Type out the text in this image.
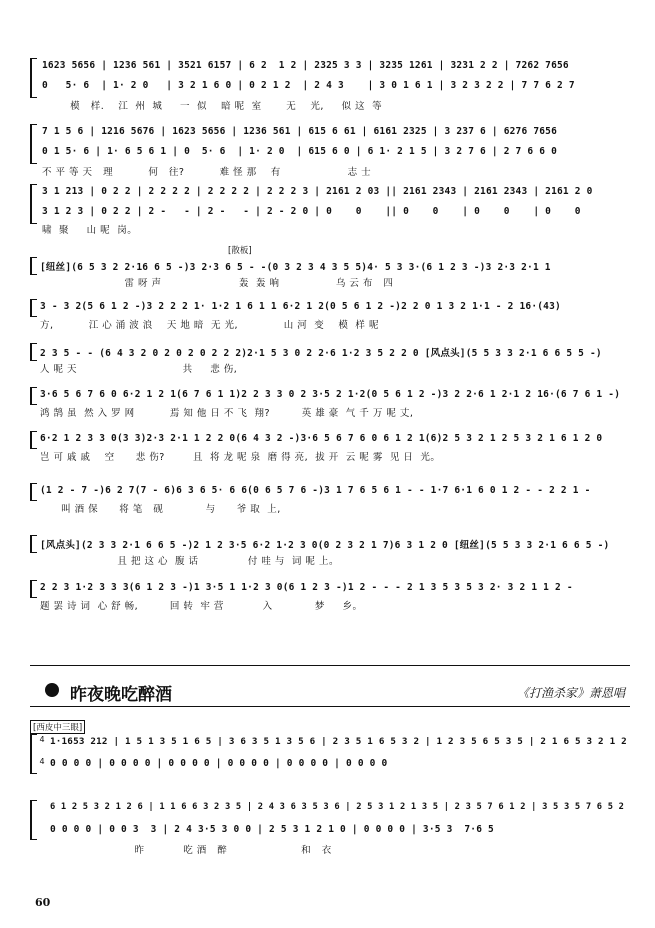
1623 5656 | 1236 561 | 3521 6157 | 6 2  1 2 | 2325 3 3 | 3235 1261 | 3231 2 2 | 7262 7656
0   5· 6  | 1· 2 0   | 3 2 1 6 0 | 0 2 1 2  | 2 4 3    | 3 0 1 6 1 | 3 2 3 2 2 | 7 7 6 2 7
模   样.    江  州  城     一  似    暗 呢  室       无    光,     似 这  等
7 1 5 6 | 1216 5676 | 1623 5656 | 1236 561 | 615 6 61 | 6161 2325 | 3 237 6 | 6276 7656
0 1 5· 6 | 1· 6 5 6 1 | 0  5· 6  | 1· 2 0  | 615 6 0 | 6 1· 2 1 5 | 3 2 7 6 | 2 7 6 6 0
不 平 等 天   理          何   往?          难 怪 那    有                   志 士
3 1 213 | 0 2 2 | 2 2 2 2 | 2 2 2 2 | 2 2 2 3 | 2161 2 03 || 2161 2343 | 2161 2343 | 2161 2 0
3 1 2 3 | 0 2 2 | 2 -   - | 2 -   - | 2 - 2 0 | 0    0    || 0    0    | 0    0    | 0    0
啸  聚     山 呢  岗。
[散板]
[纽丝](6 5 3 2 2·16 6 5 -)3 2·3 6 5 - -(0 3 2 3 4 3 5 5)4· 5 3 3·(6 1 2 3 -)3 2·3 2·1 1
雷 呀 声                      轰  轰 响                乌 云 布   四
3 - 3 2(5 6 1 2 -)3 2 2 2 1· 1·2 1 6 1 1 6·2 1 2(0 5 6 1 2 -)2 2 0 1 3 2 1·1 - 2 16·(43)
方,          江 心 涌 波 浪    天 地 暗  无 光,             山 河  变    模  样 呢
2 3 5 - - (6 4 3 2 0 2 0 2 0 2 2 2)2·1 5 3 0 2 2·6 1·2 3 5 2 2 0 [风点头](5 5 3 3 2·1 6 6 5 5 -)
人 呢 天                              共     悲 伤,
3·6 5 6 7 6 0 6·2 1 2 1(6 7 6 1 1)2 2 3 3 0 2 3·5 2 1·2(0 5 6 1 2 -)3 2 2·6 1 2·1 2 16·(6 7 6 1 -)
鸿 鹄 虽  然 入 罗 网          焉 知 他 日 不 飞  翔?         英 雄 豪  气 千 万 呢 丈,
6·2 1 2 3 3 0(3 3)2·3 2·1 1 2 2 0(6 4 3 2 -)3·6 5 6 7 6 0 6 1 2 1(6)2 5 3 2 1 2 5 3 2 1 6 1 2 0
岂 可 戚 戚    空      悲 伤?        且  将 龙 呢 泉  磨 得 亮,  拔 开  云 呢 雾  见 日  光。
(1 2 - 7 -)6 2 7(7 - 6)6 3 6 5· 6 6(0 6 5 7 6 -)3 1 7 6 5 6 1 - - 1·7 6·1 6 0 1 2 - - 2 2 1 -
叫 酒 保      将 笔   砚            与      爷 取  上,
[风点头](2 3 3 2·1 6 6 5 -)2 1 2 3·5 6·2 1·2 3 0(0 2 3 2 1 7)6 3 1 2 0 [纽丝](5 5 3 3 2·1 6 6 5 -)
且 把 这 心  腹 话              付 哇 与  词 呢 上。
2 2 3 1·2 3 3 3(6 1 2 3 -)1 3·5 1 1·2 3 0(6 1 2 3 -)1 2 - - - 2 1 3 5 3 5 3 2· 3 2 1 1 2 -
题 罢 诗 词  心 舒 畅,         回 转  牢 营           入            梦     乡。
昨夜晚吃醉酒	《打渔杀家》萧恩唱
[西皮中三眼]
4
4
1·1653 212 | 1 5 1 3 5 1 6 5 | 3 6 3 5 1 3 5 6 | 2 3 5 1 6 5 3 2 | 1 2 3 5 6 5 3 5 | 2 1 6 5 3 2 1 2
0 0 0 0 | 0 0 0 0 | 0 0 0 0 | 0 0 0 0 | 0 0 0 0 | 0 0 0 0
6 1 2 5 3 2 1 2 6 | 1 1 6 6 3 2 3 5 | 2 4 3 6 3 5 3 6 | 2 5 3 1 2 1 3 5 | 2 3 5 7 6 1 2 | 3 5 3 5 7 6 5 2
0 0 0 0 | 0 0 3  3 | 2 4 3·5 3 0 0 | 2 5 3 1 2 1 0 | 0 0 0 0 | 3·5 3  7·6 5
昨           吃 酒   醉                     和   衣
60
